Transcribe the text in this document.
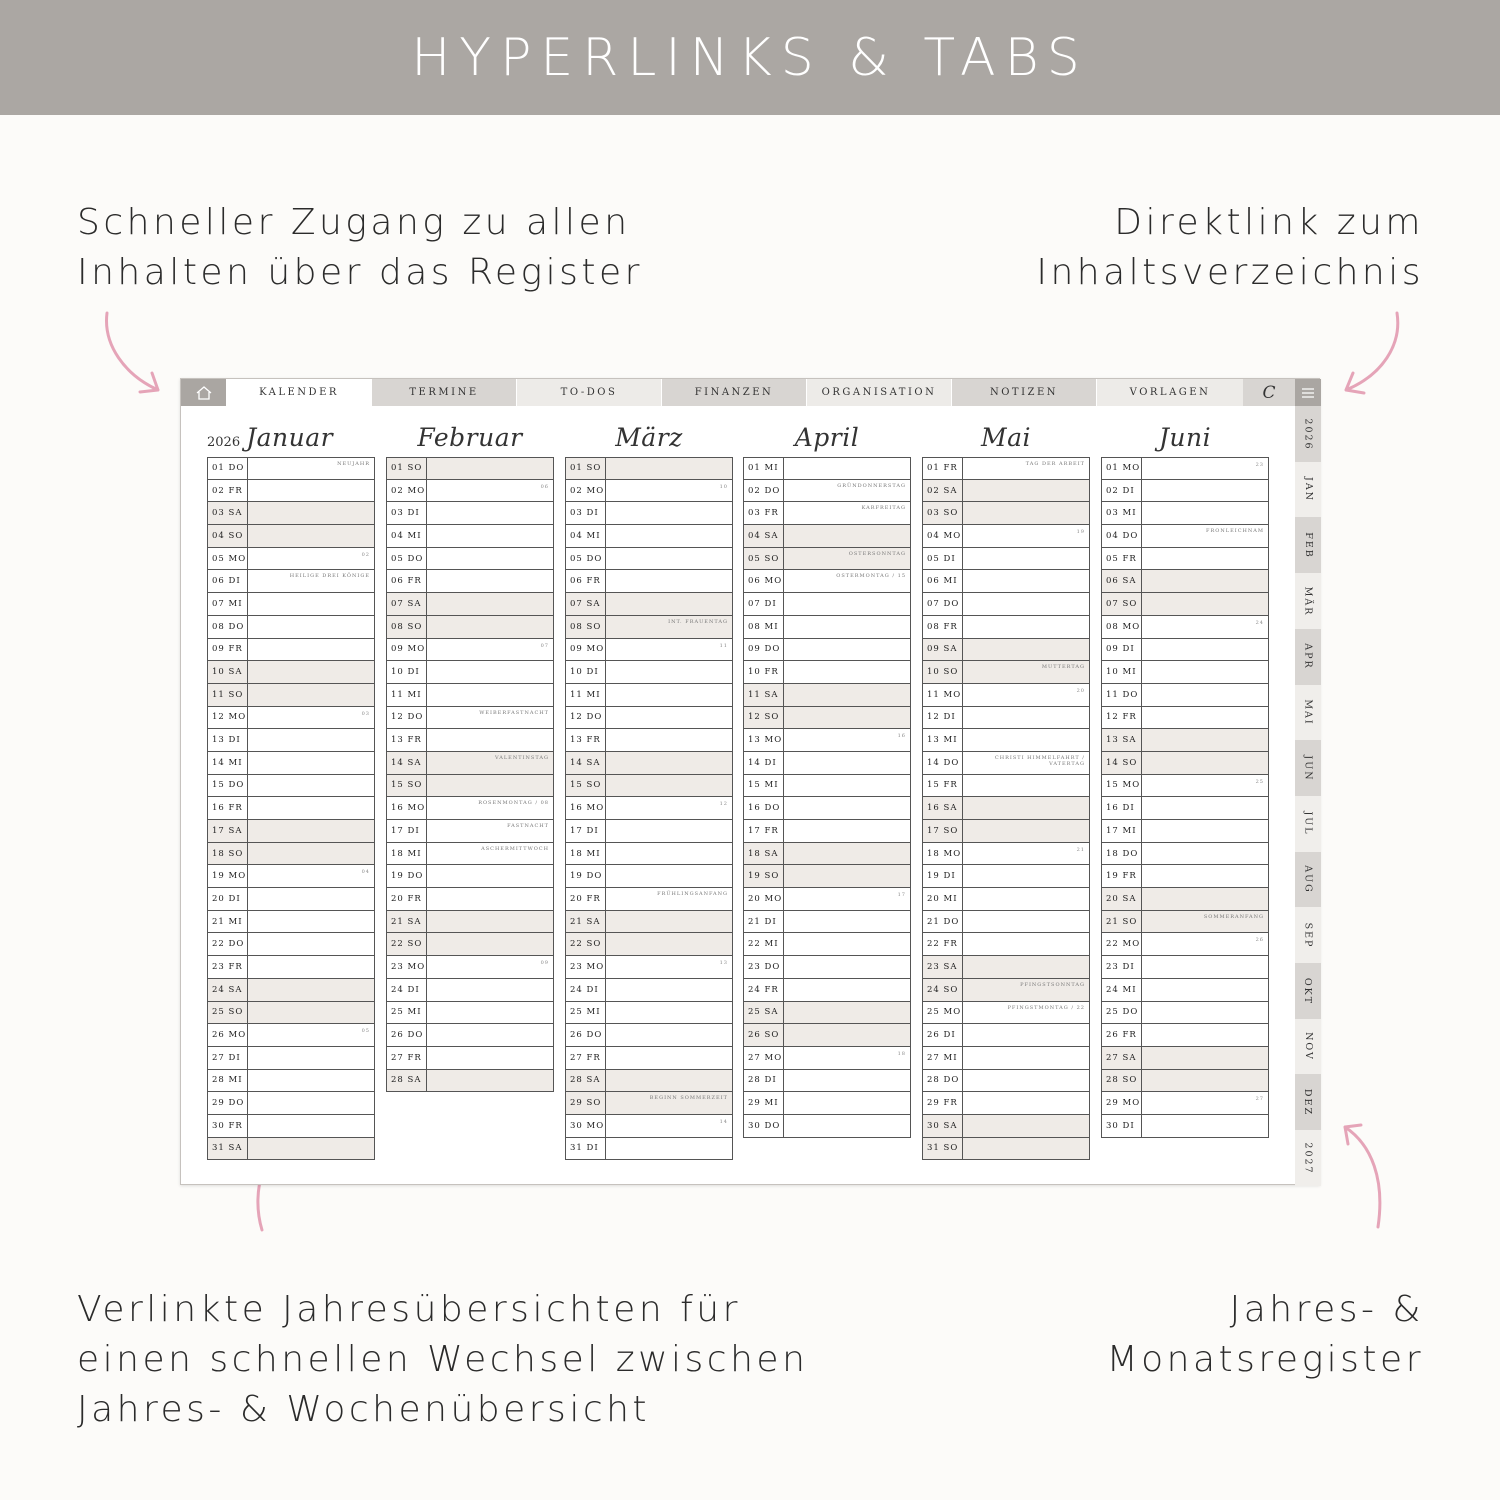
HYPERLINKS & TABS
Schneller Zugang zu allen
Inhalten über das Register
Direktlink zum
Inhaltsverzeichnis
Verlinkte Jahresübersichten für
einen schnellen Wechsel zwischen
Jahres- & Wochenübersicht
Jahres- &
Monatsregister
KALENDER	TERMINE	TO-DOS	FINANZEN	ORGANISATION	NOTIZEN	VORLAGEN	C
2026
JAN
FEB
MÄR
APR
MAI
JUN
JUL
AUG
SEP
OKT
NOV
DEZ
2027
2026 Januar
01 DO	NEUJAHR
02 FR
03 SA
04 SO
05 MO	02
06 DI	HEILIGE DREI KÖNIGE
07 MI
08 DO
09 FR
10 SA
11 SO
12 MO	03
13 DI
14 MI
15 DO
16 FR
17 SA
18 SO
19 MO	04
20 DI
21 MI
22 DO
23 FR
24 SA
25 SO
26 MO	05
27 DI
28 MI
29 DO
30 FR
31 SA
Februar
01 SO
02 MO	06
03 DI
04 MI
05 DO
06 FR
07 SA
08 SO
09 MO	07
10 DI
11 MI
12 DO	WEIBERFASTNACHT
13 FR
14 SA	VALENTINSTAG
15 SO
16 MO	ROSENMONTAG / 08
17 DI	FASTNACHT
18 MI	ASCHERMITTWOCH
19 DO
20 FR
21 SA
22 SO
23 MO	09
24 DI
25 MI
26 DO
27 FR
28 SA
März
01 SO
02 MO	10
03 DI
04 MI
05 DO
06 FR
07 SA
08 SO	INT. FRAUENTAG
09 MO	11
10 DI
11 MI
12 DO
13 FR
14 SA
15 SO
16 MO	12
17 DI
18 MI
19 DO
20 FR	FRÜHLINGSANFANG
21 SA
22 SO
23 MO	13
24 DI
25 MI
26 DO
27 FR
28 SA
29 SO	BEGINN SOMMERZEIT
30 MO	14
31 DI
April
01 MI
02 DO	GRÜNDONNERSTAG
03 FR	KARFREITAG
04 SA
05 SO	OSTERSONNTAG
06 MO	OSTERMONTAG / 15
07 DI
08 MI
09 DO
10 FR
11 SA
12 SO
13 MO	16
14 DI
15 MI
16 DO
17 FR
18 SA
19 SO
20 MO	17
21 DI
22 MI
23 DO
24 FR
25 SA
26 SO
27 MO	18
28 DI
29 MI
30 DO
Mai
01 FR	TAG DER ARBEIT
02 SA
03 SO
04 MO	19
05 DI
06 MI
07 DO
08 FR
09 SA
10 SO	MUTTERTAG
11 MO	20
12 DI
13 MI
14 DO	CHRISTI HIMMELFAHRT / VATERTAG
15 FR
16 SA
17 SO
18 MO	21
19 DI
20 MI
21 DO
22 FR
23 SA
24 SO	PFINGSTSONNTAG
25 MO	PFINGSTMONTAG / 22
26 DI
27 MI
28 DO
29 FR
30 SA
31 SO
Juni
01 MO	23
02 DI
03 MI
04 DO	FRONLEICHNAM
05 FR
06 SA
07 SO
08 MO	24
09 DI
10 MI
11 DO
12 FR
13 SA
14 SO
15 MO	25
16 DI
17 MI
18 DO
19 FR
20 SA
21 SO	SOMMERANFANG
22 MO	26
23 DI
24 MI
25 DO
26 FR
27 SA
28 SO
29 MO	27
30 DI
